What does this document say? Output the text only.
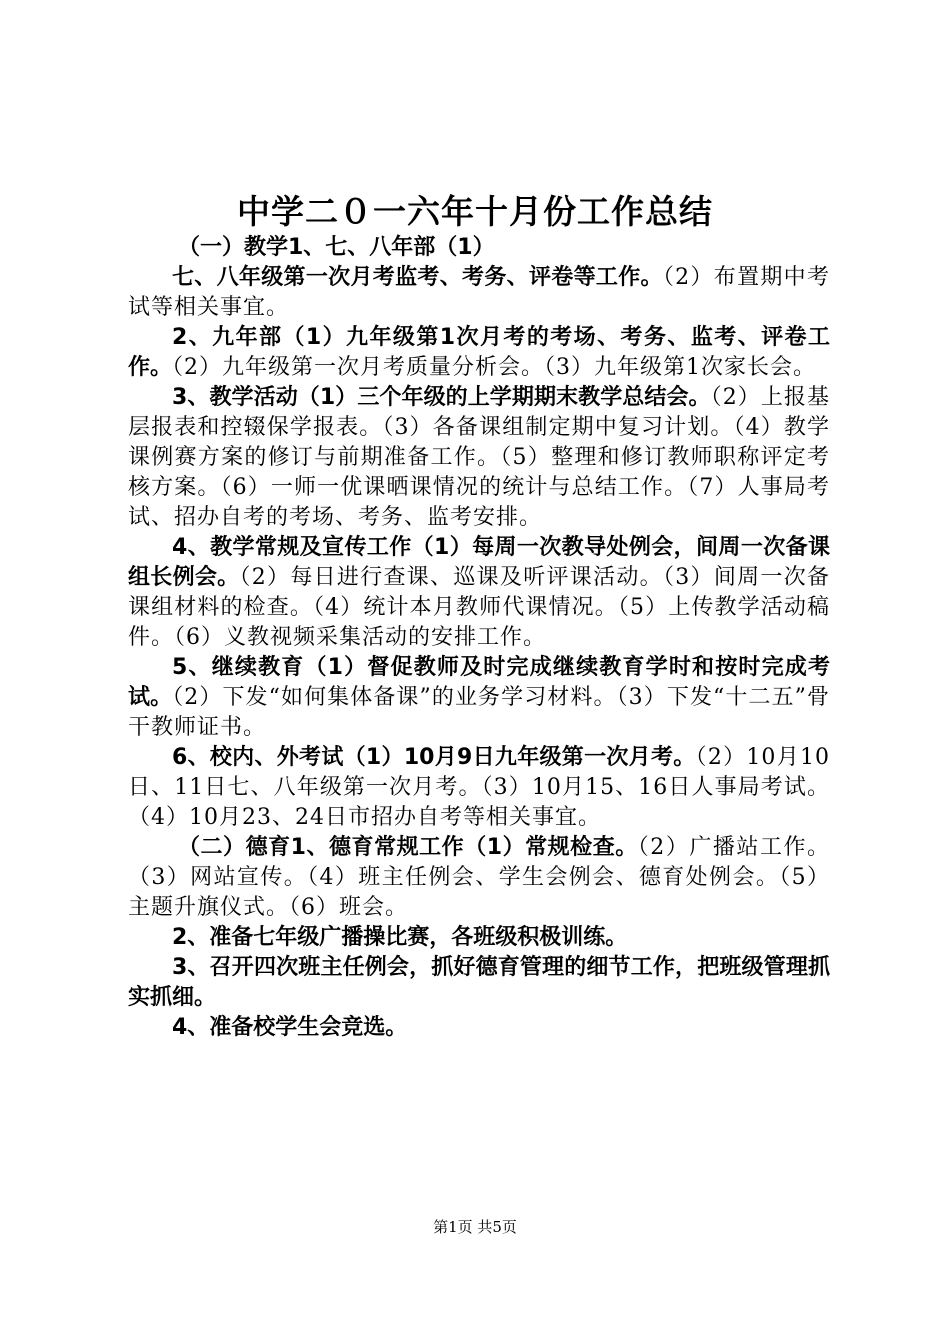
中学二０一六年十月份工作总结

（一）教学1、七、八年部（1）

七、八年级第一次月考监考、考务、评卷等工作。（2）布置期中考试等相关事宜。

2、九年部（1）九年级第1次月考的考场、考务、监考、评卷工作。（2）九年级第一次月考质量分析会。（3）九年级第1次家长会。

3、教学活动（1）三个年级的上学期期末教学总结会。（2）上报基层报表和控辍保学报表。（3）各备课组制定期中复习计划。（4）教学课例赛方案的修订与前期准备工作。（5）整理和修订教师职称评定考核方案。（6）一师一优课晒课情况的统计与总结工作。（7）人事局考试、招办自考的考场、考务、监考安排。

4、教学常规及宣传工作（1）每周一次教导处例会，间周一次备课组长例会。（2）每日进行查课、巡课及听评课活动。（3）间周一次备课组材料的检查。（4）统计本月教师代课情况。（5）上传教学活动稿件。（6）义教视频采集活动的安排工作。

5、继续教育（1）督促教师及时完成继续教育学时和按时完成考试。（2）下发“如何集体备课”的业务学习材料。（3）下发“十二五”骨干教师证书。

6、校内、外考试（1）10月9日九年级第一次月考。（2）10月10日、11日七、八年级第一次月考。（3）10月15、16日人事局考试。（4）10月23、24日市招办自考等相关事宜。

（二）德育1、德育常规工作（1）常规检查。（2）广播站工作。（3）网站宣传。（4）班主任例会、学生会例会、德育处例会。（5）主题升旗仪式。（6）班会。

2、准备七年级广播操比赛，各班级积极训练。

3、召开四次班主任例会，抓好德育管理的细节工作，把班级管理抓实抓细。

4、准备校学生会竞选。

第1页 共5页
